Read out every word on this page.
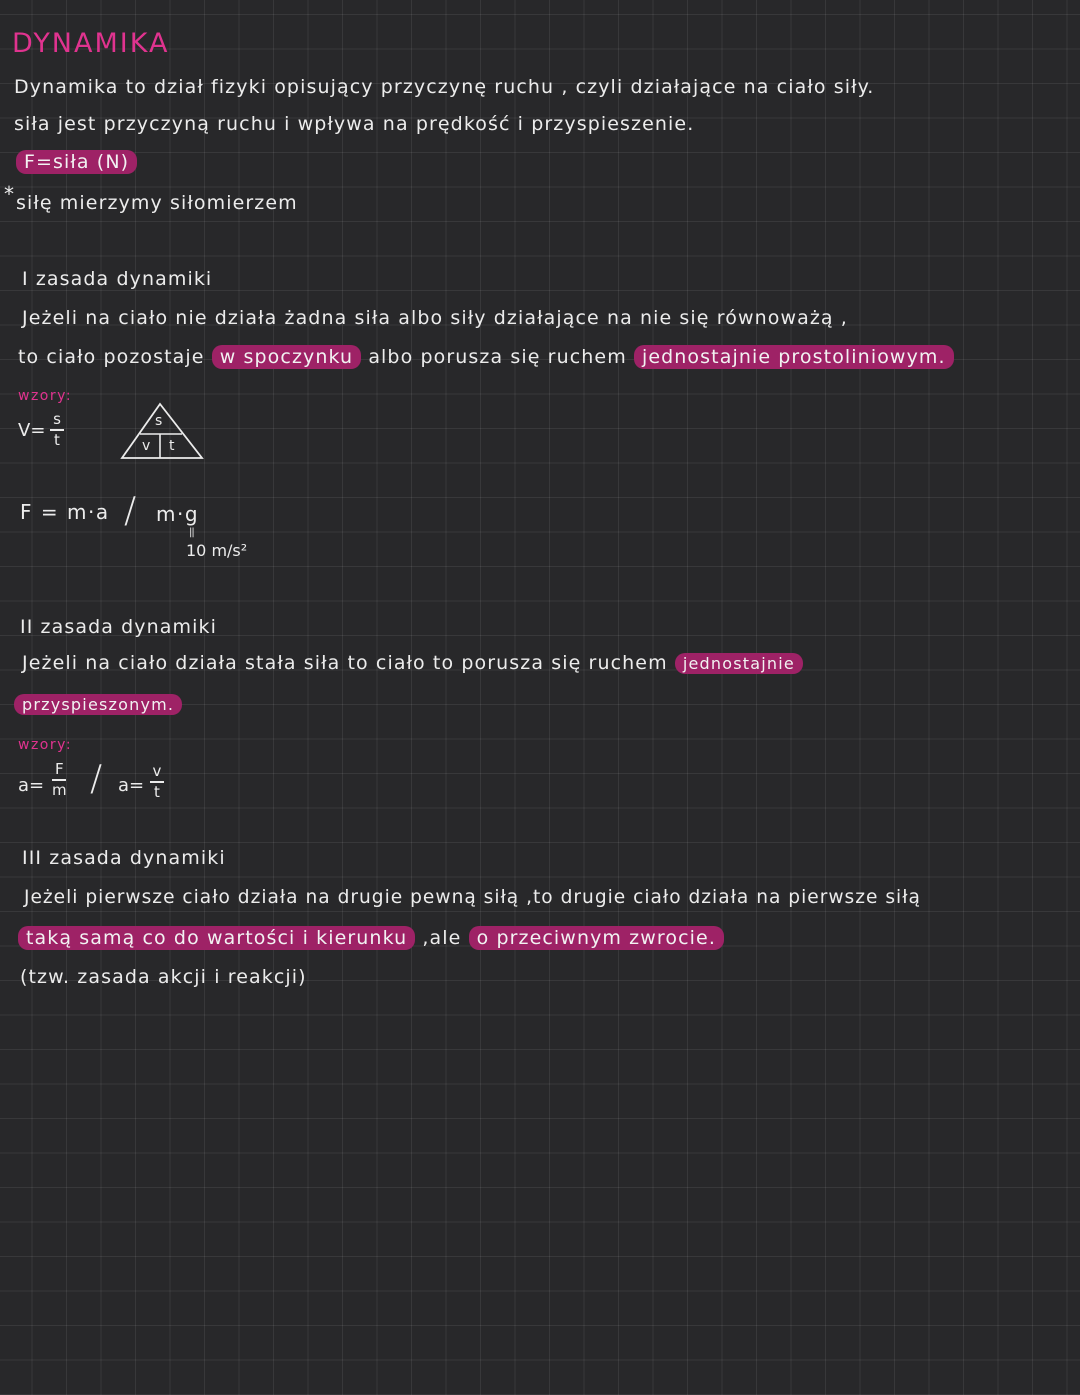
DYNAMIKA
Dynamika to dział fizyki opisujący przyczynę ruchu , czyli działające na ciało siły.
siła jest przyczyną ruchu i wpływa na prędkość i przyspieszenie.
F=siła (N)
* siłę mierzymy siłomierzem
I zasada dynamiki
Jeżeli na ciało nie działa żadna siła albo siły działające na nie się równoważą ,
to ciało pozostaje w spoczynku albo porusza się ruchem jednostajnie prostoliniowym.
wzory:
V=
s
t
s
v t
F = m·a / m·g
||
10 m/s²
II zasada dynamiki
Jeżeli na ciało działa stała siła to ciało to porusza się ruchem jednostajnie
przyspieszonym.
wzory:
a=
F
m / a=
v
t
III zasada dynamiki
Jeżeli pierwsze ciało działa na drugie pewną siłą ,to drugie ciało działa na pierwsze siłą
taką samą co do wartości i kierunku ,ale o przeciwnym zwrocie.
(tzw. zasada akcji i reakcji)
